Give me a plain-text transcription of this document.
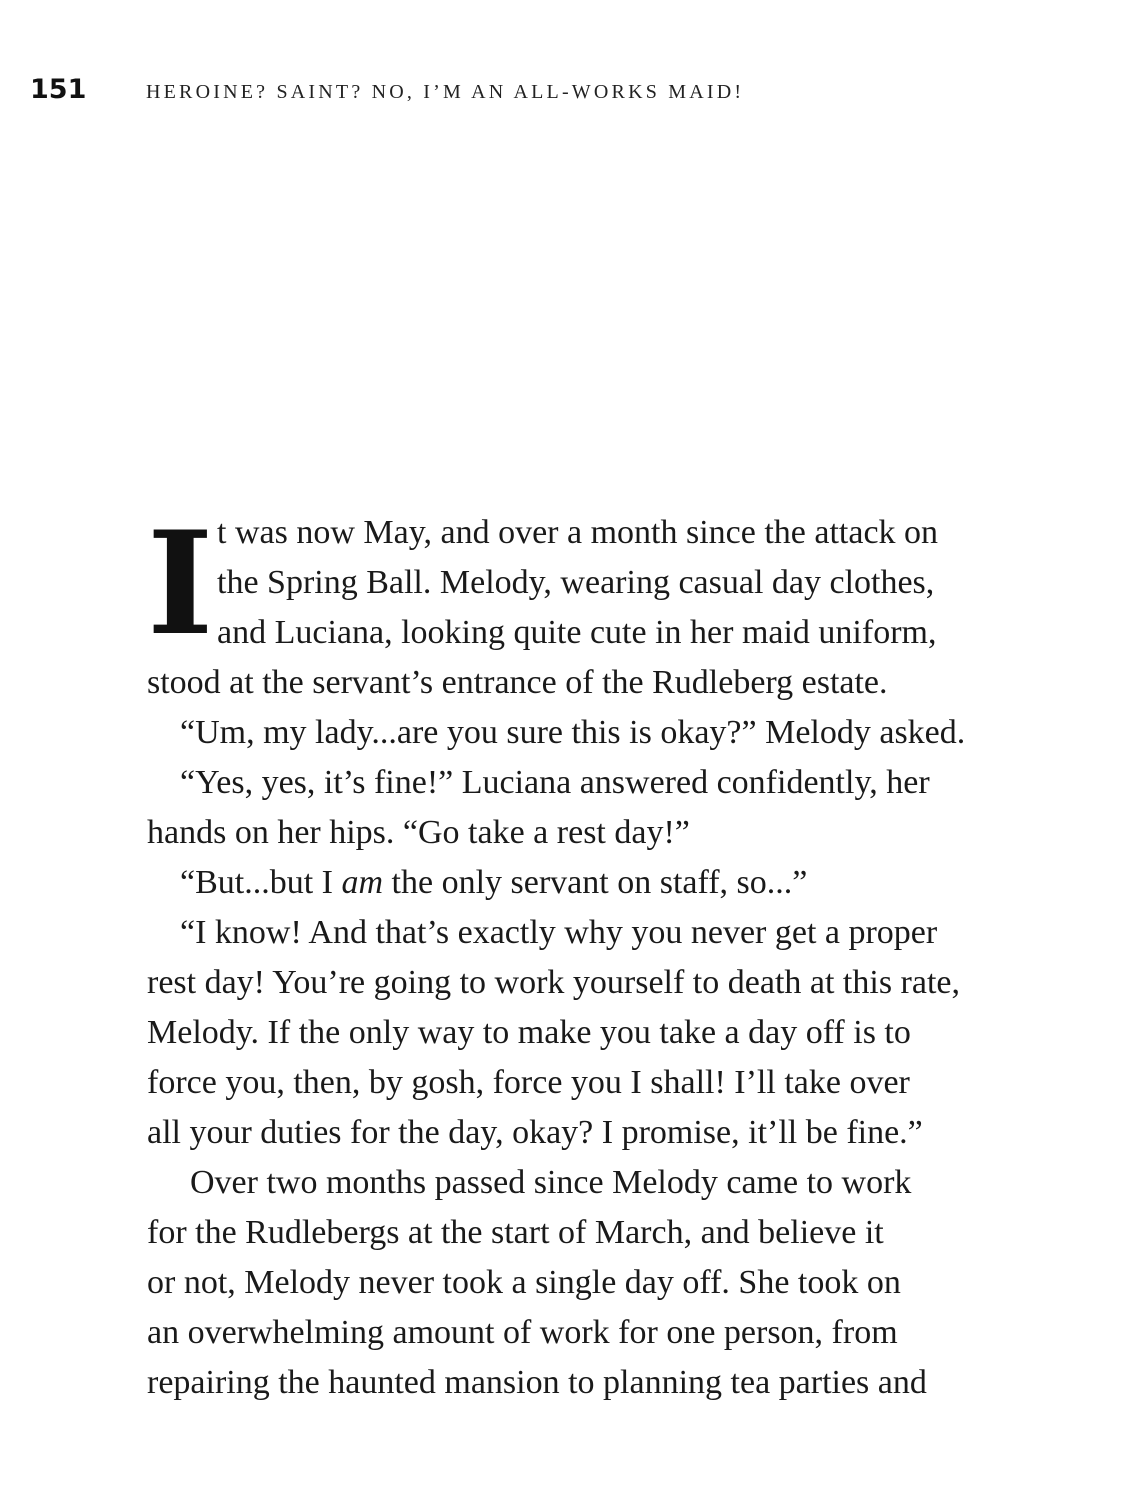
151	HEROINE? SAINT? NO, I’M AN ALL-WORKS MAID!
I t was now May, and over a month since the attack on
the Spring Ball. Melody, wearing casual day clothes,
and Luciana, looking quite cute in her maid uniform,
stood at the servant’s entrance of the Rudleberg estate.
“Um, my lady...are you sure this is okay?” Melody asked.
“Yes, yes, it’s fine!” Luciana answered confidently, her
hands on her hips. “Go take a rest day!”
“But...but I am the only servant on staff, so...”
“I know! And that’s exactly why you never get a proper
rest day! You’re going to work yourself to death at this rate,
Melody. If the only way to make you take a day off is to
force you, then, by gosh, force you I shall! I’ll take over
all your duties for the day, okay? I promise, it’ll be fine.”
Over two months passed since Melody came to work
for the Rudlebergs at the start of March, and believe it
or not, Melody never took a single day off. She took on
an overwhelming amount of work for one person, from
repairing the haunted mansion to planning tea parties and
